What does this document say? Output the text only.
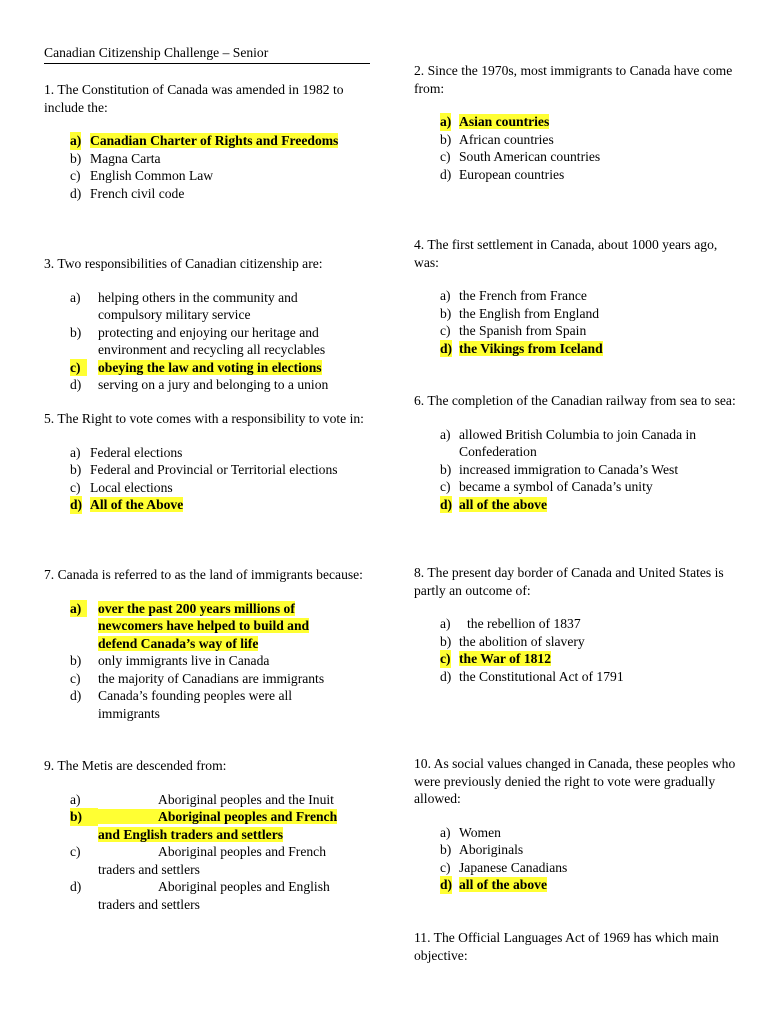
Canadian Citizenship Challenge – Senior

1. The Constitution of Canada was amended in 1982 to include the:

a) Canadian Charter of Rights and Freedoms
b) Magna Carta
c) English Common Law
d) French civil code

3. Two responsibilities of Canadian citizenship are:

a) helping others in the community and compulsory military service
b) protecting and enjoying our heritage and environment and recycling all recyclables
c)	obeying the law and voting in elections
d) serving on a jury and belonging to a union

5. The Right to vote comes with a responsibility to vote in:

a) Federal elections
b) Federal and Provincial or Territorial elections
c) Local elections
d) All of the Above

7. Canada is referred to as the land of immigrants because:

a)	over the past 200 years millions of newcomers have helped to build and defend Canada’s way of life
b) only immigrants live in Canada
c) the majority of Canadians are immigrants
d) Canada’s founding peoples were all immigrants

9. The Metis are descended from:

a)	Aboriginal peoples and the Inuit
b)	Aboriginal peoples and French and English traders and settlers
c)	Aboriginal peoples and French traders and settlers
d)	Aboriginal peoples and English traders and settlers

2. Since the 1970s, most immigrants to Canada have come from:

a) Asian countries
b) African countries
c) South American countries
d) European countries

4. The first settlement in Canada, about 1000 years ago, was:

a) the French from France
b) the English from England
c) the Spanish from Spain
d) the Vikings from Iceland

6. The completion of the Canadian railway from sea to sea:

a) allowed British Columbia to join Canada in Confederation
b) increased immigration to Canada’s West
c) became a symbol of Canada’s unity
d) all of the above

8. The present day border of Canada and United States is partly an outcome of:

a) the rebellion of 1837
b) the abolition of slavery
c) the War of 1812
d) the Constitutional Act of 1791

10. As social values changed in Canada, these peoples who were previously denied the right to vote were gradually allowed:

a) Women
b) Aboriginals
c) Japanese Canadians
d) all of the above

11. The Official Languages Act of 1969 has which main objective:
